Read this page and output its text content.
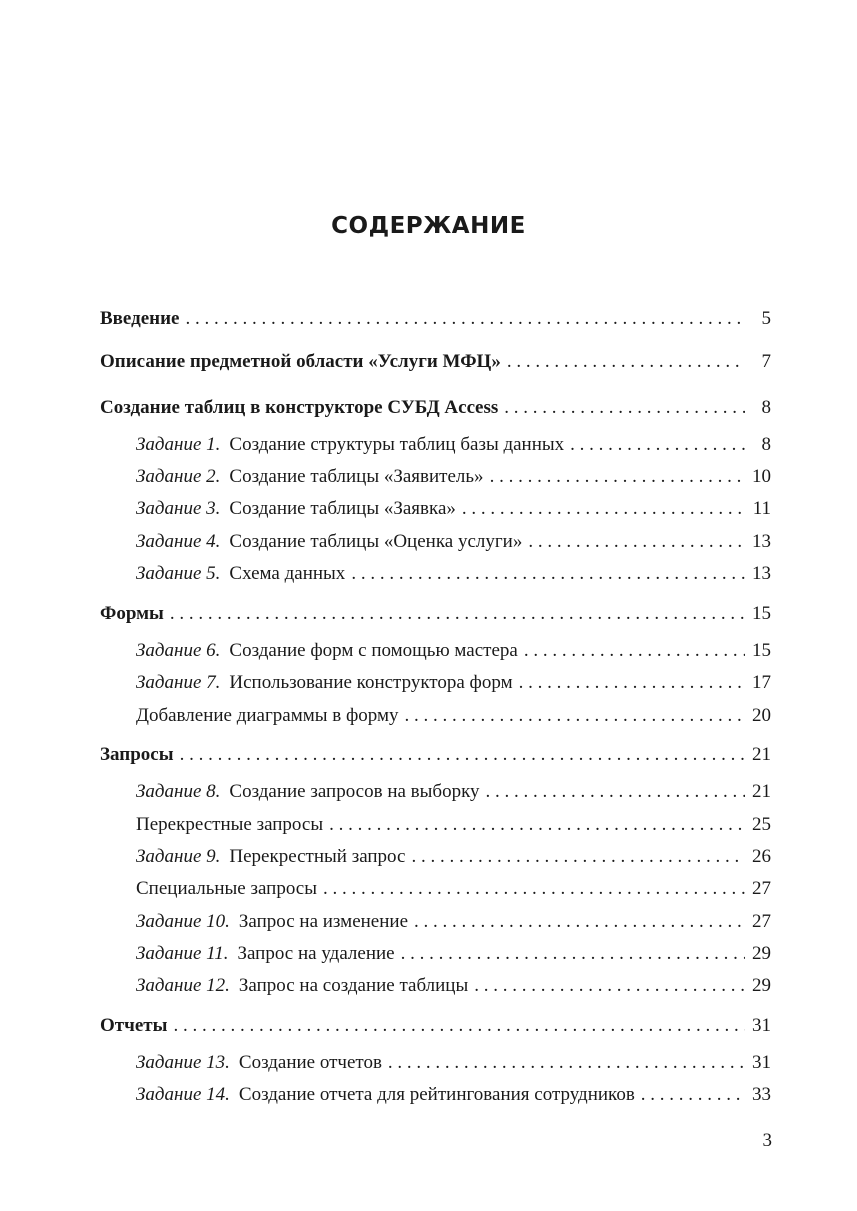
СОДЕРЖАНИЕ
Введение . . .	5
Описание предметной области «Услуги МФЦ» . . .	7
Создание таблиц в конструкторе СУБД Access . . .	8
Задание 1. Создание структуры таблиц базы данных . . .	8
Задание 2. Создание таблицы «Заявитель» . . .	10
Задание 3. Создание таблицы «Заявка» . . .	11
Задание 4. Создание таблицы «Оценка услуги» . . .	13
Задание 5. Схема данных . . .	13
Формы . . .	15
Задание 6. Создание форм с помощью мастера . . .	15
Задание 7. Использование конструктора форм . . .	17
Добавление диаграммы в форму . . .	20
Запросы . . .	21
Задание 8. Создание запросов на выборку . . .	21
Перекрестные запросы . . .	25
Задание 9. Перекрестный запрос . . .	26
Специальные запросы . . .	27
Задание 10. Запрос на изменение . . .	27
Задание 11. Запрос на удаление . . .	29
Задание 12. Запрос на создание таблицы . . .	29
Отчеты . . .	31
Задание 13. Создание отчетов . . .	31
Задание 14. Создание отчета для рейтингования сотрудников . . .	33
3
